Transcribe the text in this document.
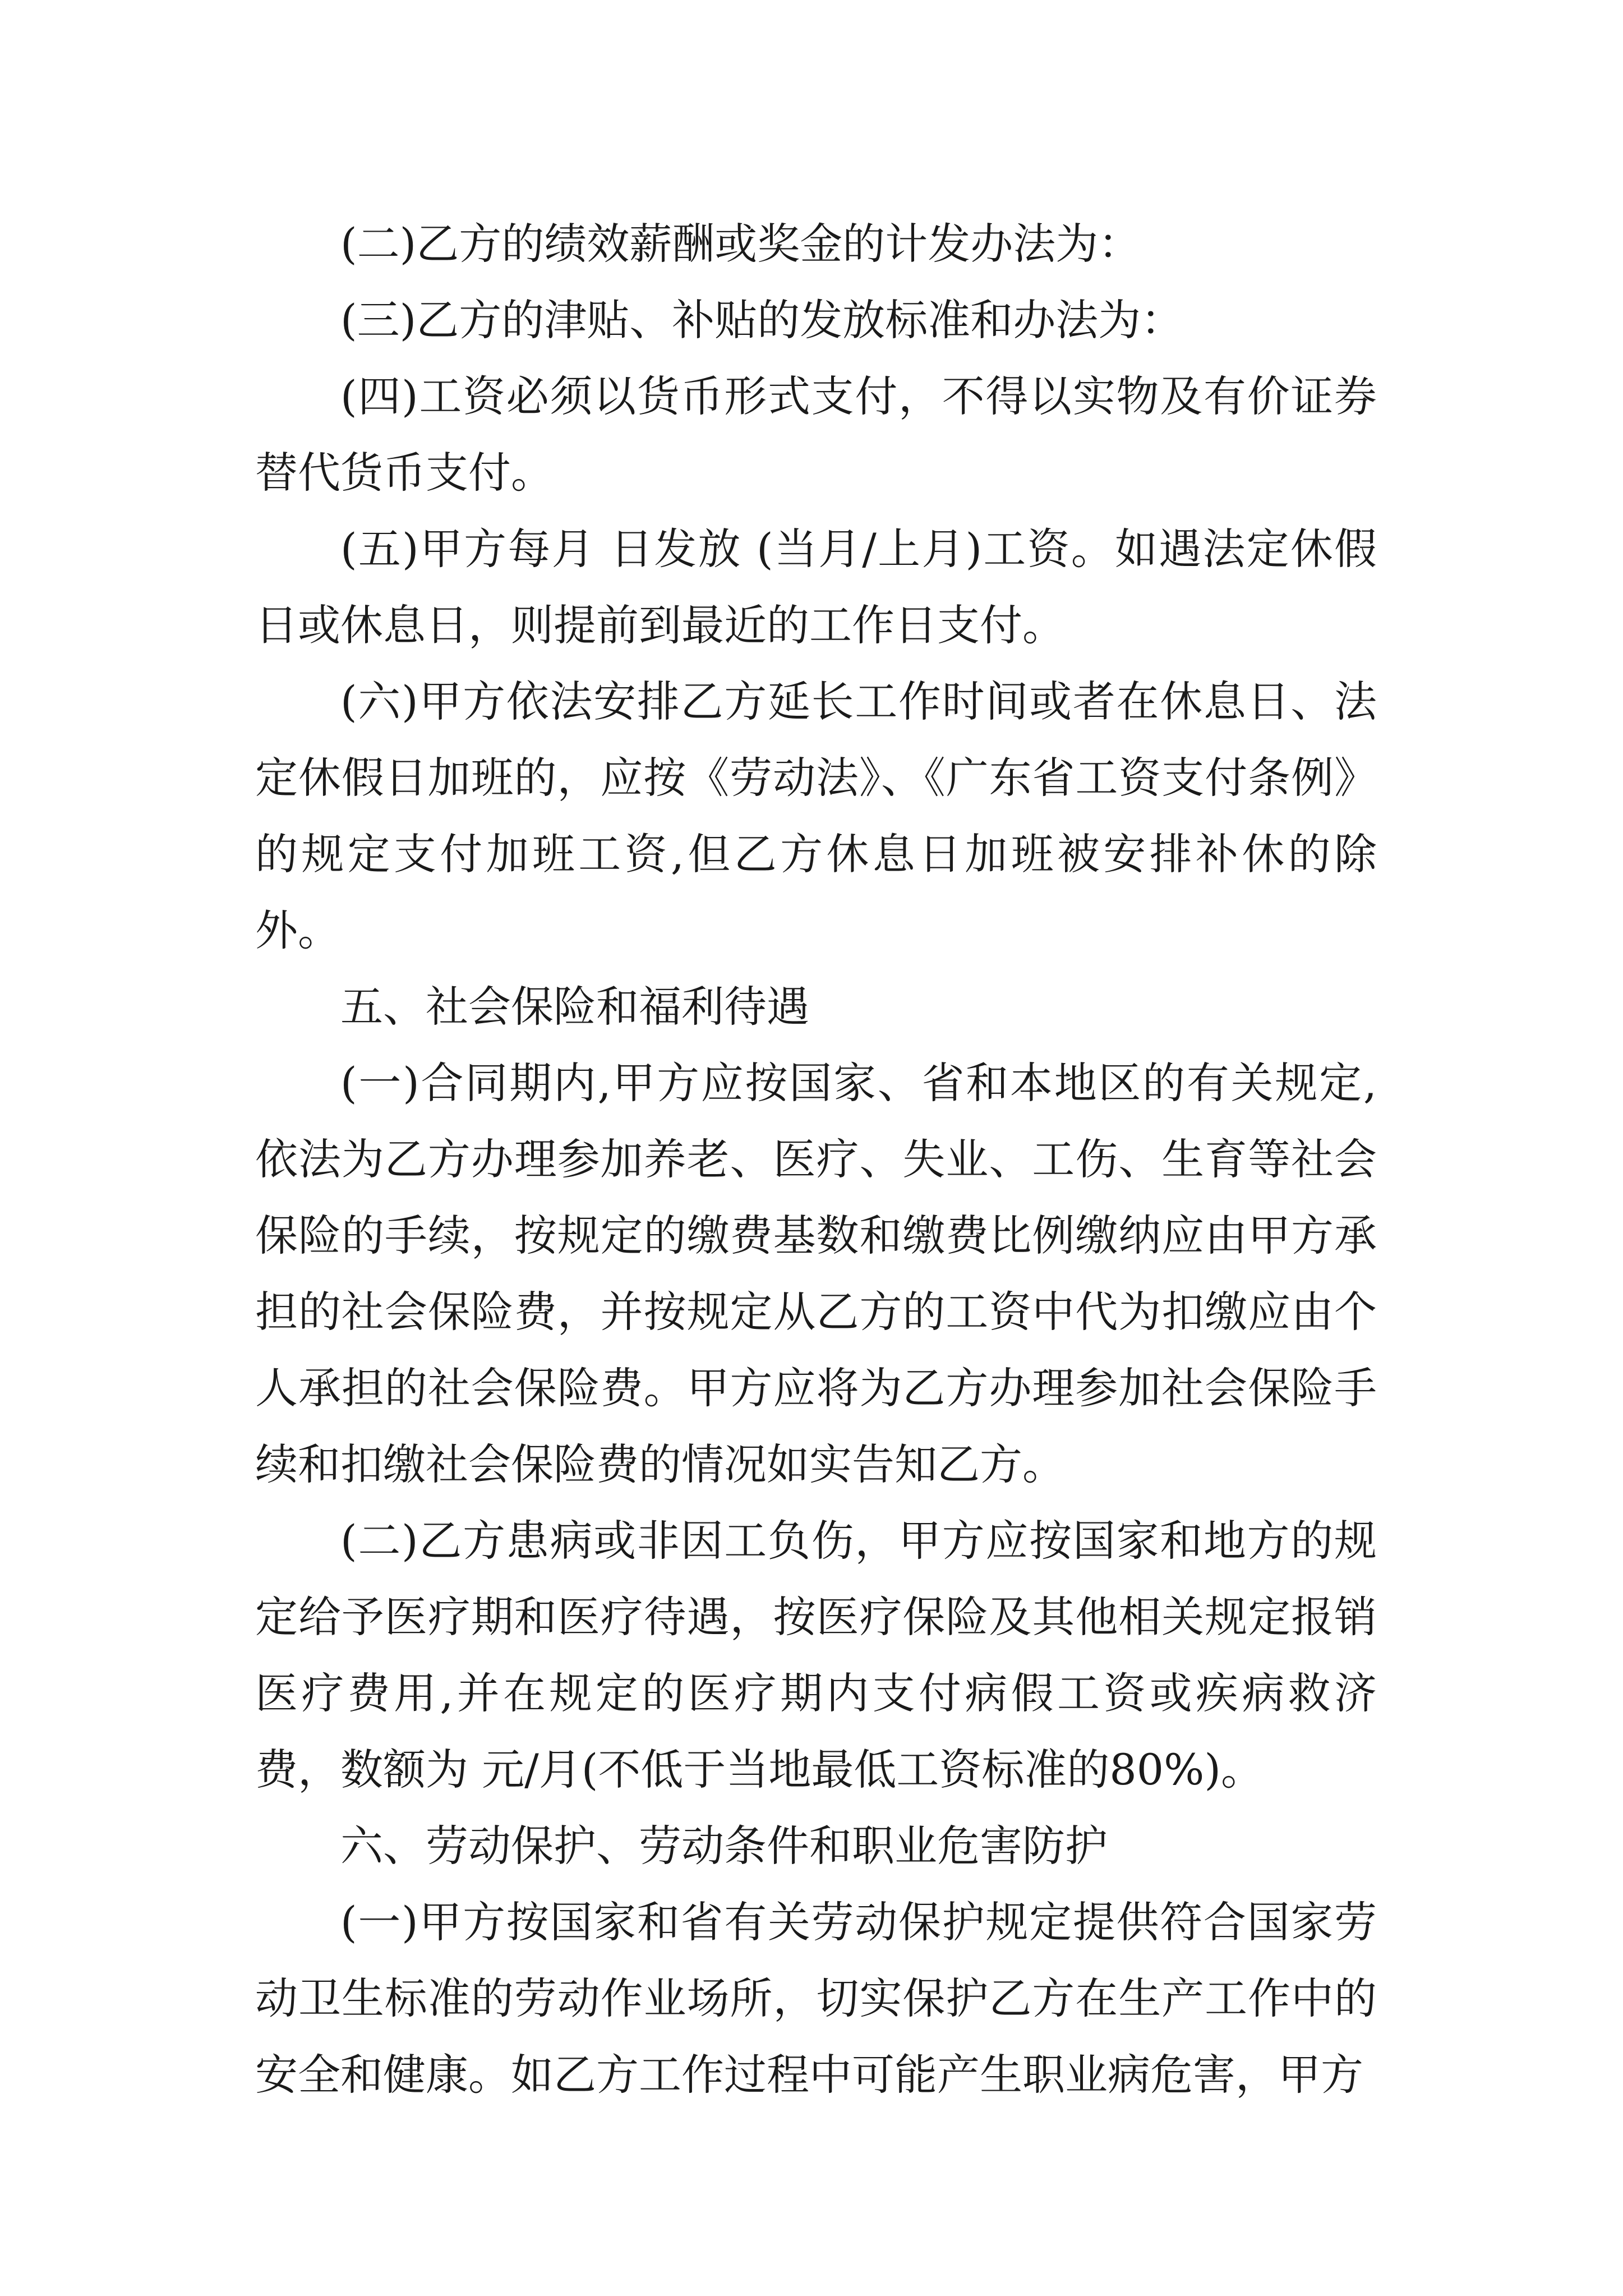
(二)乙方的绩效薪酬或奖金的计发办法为：

(三)乙方的津贴、补贴的发放标准和办法为：

(四)工资必须以货币形式支付，不得以实物及有价证券替代货币支付。

(五)甲方每月 日发放 (当月/上月)工资。如遇法定休假日或休息日，则提前到最近的工作日支付。

(六)甲方依法安排乙方延长工作时间或者在休息日、法定休假日加班的，应按《劳动法》、《广东省工资支付条例》的规定支付加班工资,但乙方休息日加班被安排补休的除外。

五、社会保险和福利待遇

(一)合同期内,甲方应按国家、省和本地区的有关规定,依法为乙方办理参加养老、医疗、失业、工伤、生育等社会保险的手续，按规定的缴费基数和缴费比例缴纳应由甲方承担的社会保险费，并按规定从乙方的工资中代为扣缴应由个人承担的社会保险费。甲方应将为乙方办理参加社会保险手续和扣缴社会保险费的情况如实告知乙方。

(二)乙方患病或非因工负伤，甲方应按国家和地方的规定给予医疗期和医疗待遇，按医疗保险及其他相关规定报销医疗费用,并在规定的医疗期内支付病假工资或疾病救济费，数额为 元/月(不低于当地最低工资标准的80%)。

六、劳动保护、劳动条件和职业危害防护

(一)甲方按国家和省有关劳动保护规定提供符合国家劳动卫生标准的劳动作业场所，切实保护乙方在生产工作中的安全和健康。如乙方工作过程中可能产生职业病危害，甲方
